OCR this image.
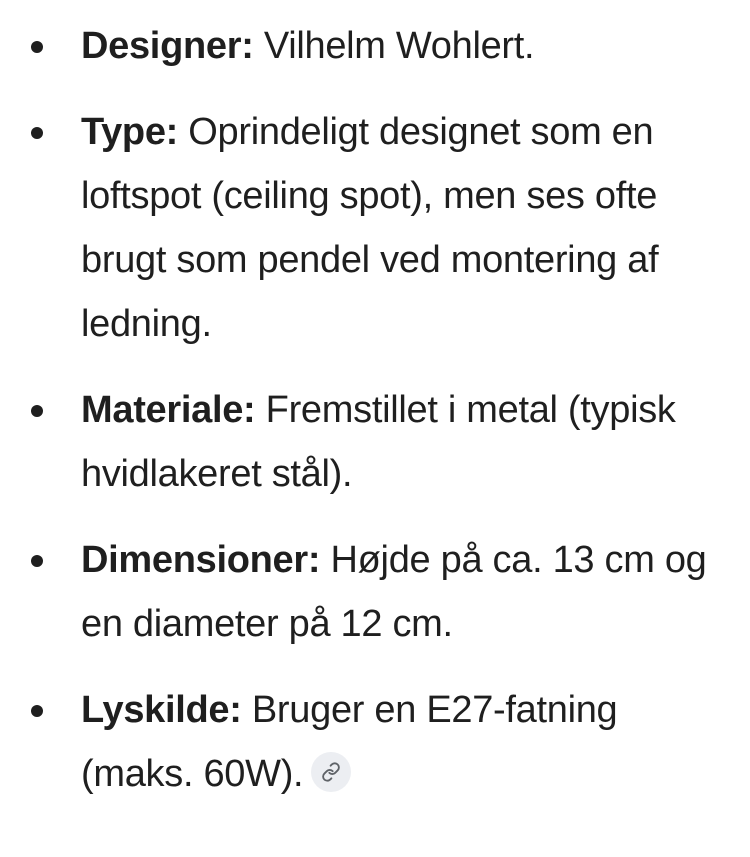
Designer: Vilhelm Wohlert.
Type: Oprindeligt designet som en loftspot (ceiling spot), men ses ofte brugt som pendel ved montering af ledning.
Materiale: Fremstillet i metal (typisk hvidlakeret stål).
Dimensioner: Højde på ca. 13 cm og en diameter på 12 cm.
Lyskilde: Bruger en E27-fatning (maks. 60W).
